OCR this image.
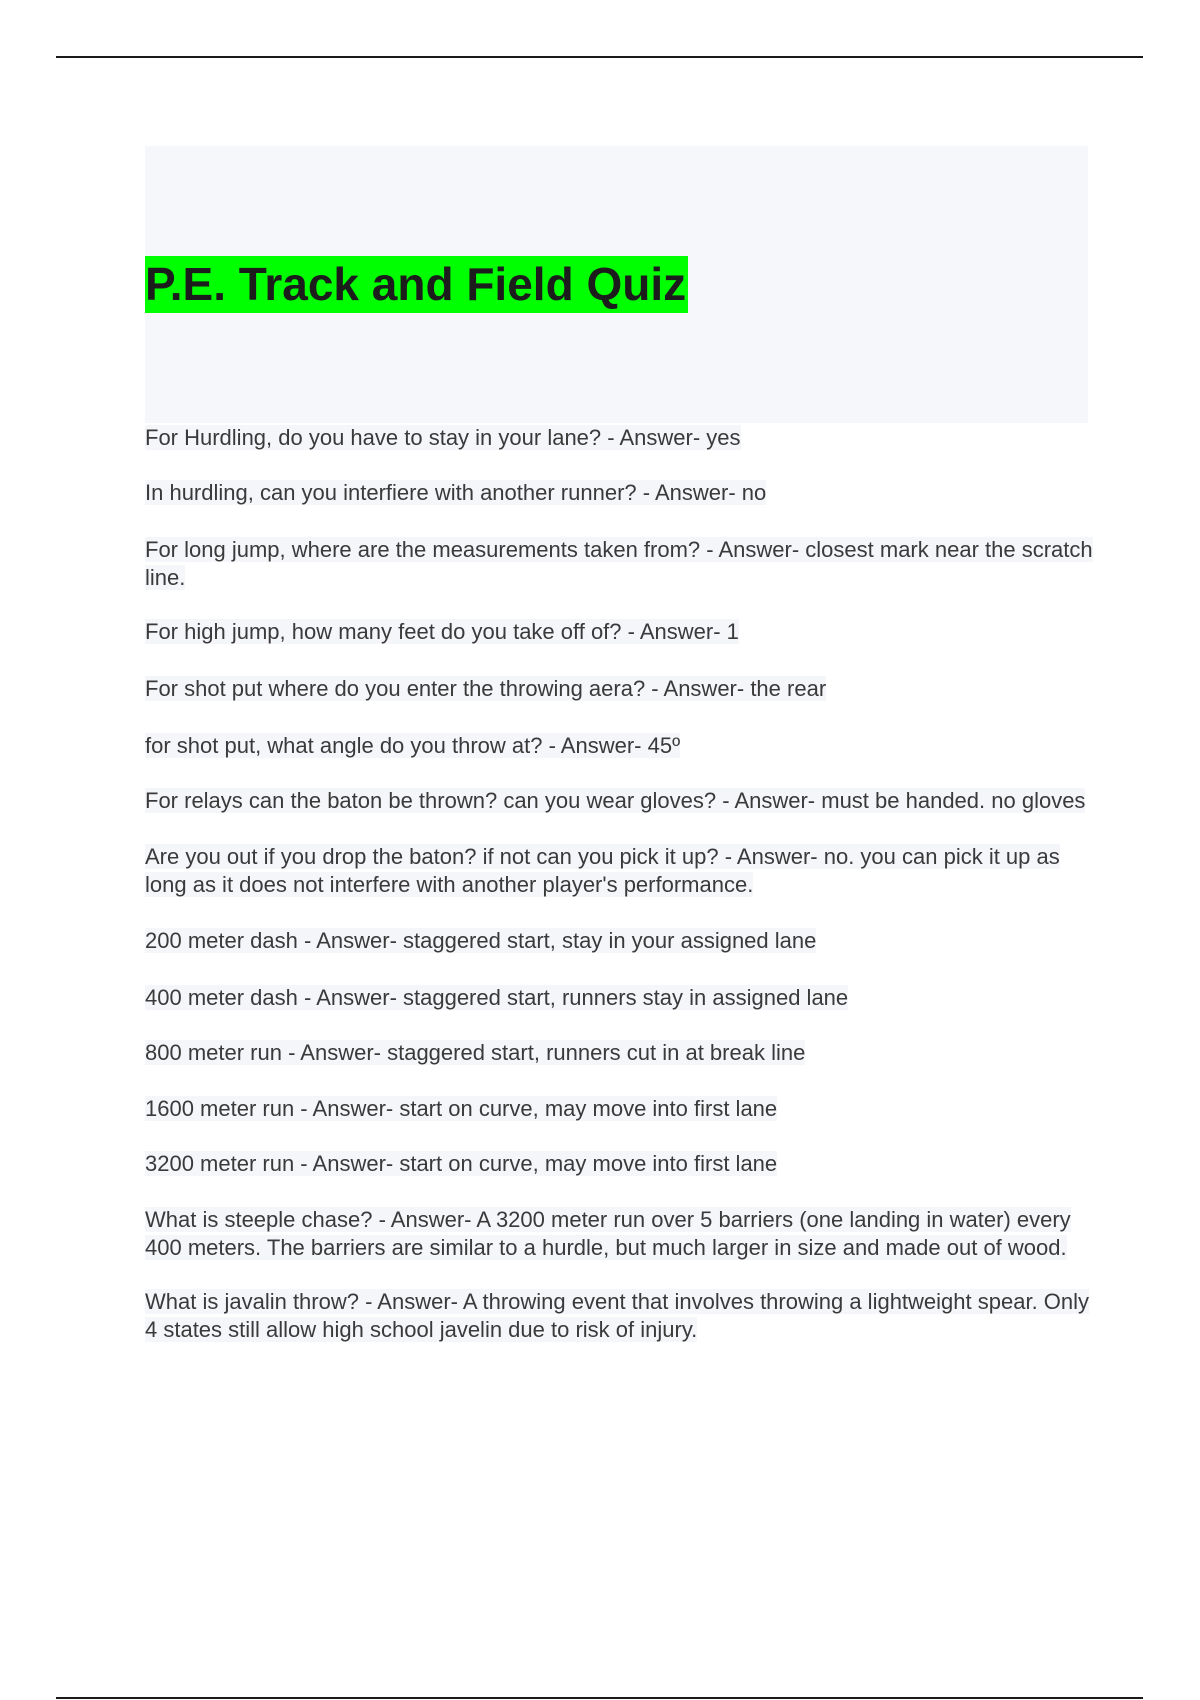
P.E. Track and Field Quiz
For Hurdling, do you have to stay in your lane? - Answer- yes
In hurdling, can you interfiere with another runner? - Answer- no
For long jump, where are the measurements taken from? - Answer- closest mark near the scratch line.
For high jump, how many feet do you take off of? - Answer- 1
For shot put where do you enter the throwing aera? - Answer- the rear
for shot put, what angle do you throw at? - Answer- 45º
For relays can the baton be thrown? can you wear gloves? - Answer- must be handed. no gloves
Are you out if you drop the baton? if not can you pick it up? - Answer- no. you can pick it up as long as it does not interfere with another player's performance.
200 meter dash - Answer- staggered start, stay in your assigned lane
400 meter dash - Answer- staggered start, runners stay in assigned lane
800 meter run - Answer- staggered start, runners cut in at break line
1600 meter run - Answer- start on curve, may move into first lane
3200 meter run - Answer- start on curve, may move into first lane
What is steeple chase? - Answer- A 3200 meter run over 5 barriers (one landing in water) every 400 meters. The barriers are similar to a hurdle, but much larger in size and made out of wood.
What is javalin throw? - Answer- A throwing event that involves throwing a lightweight spear. Only 4 states still allow high school javelin due to risk of injury.
